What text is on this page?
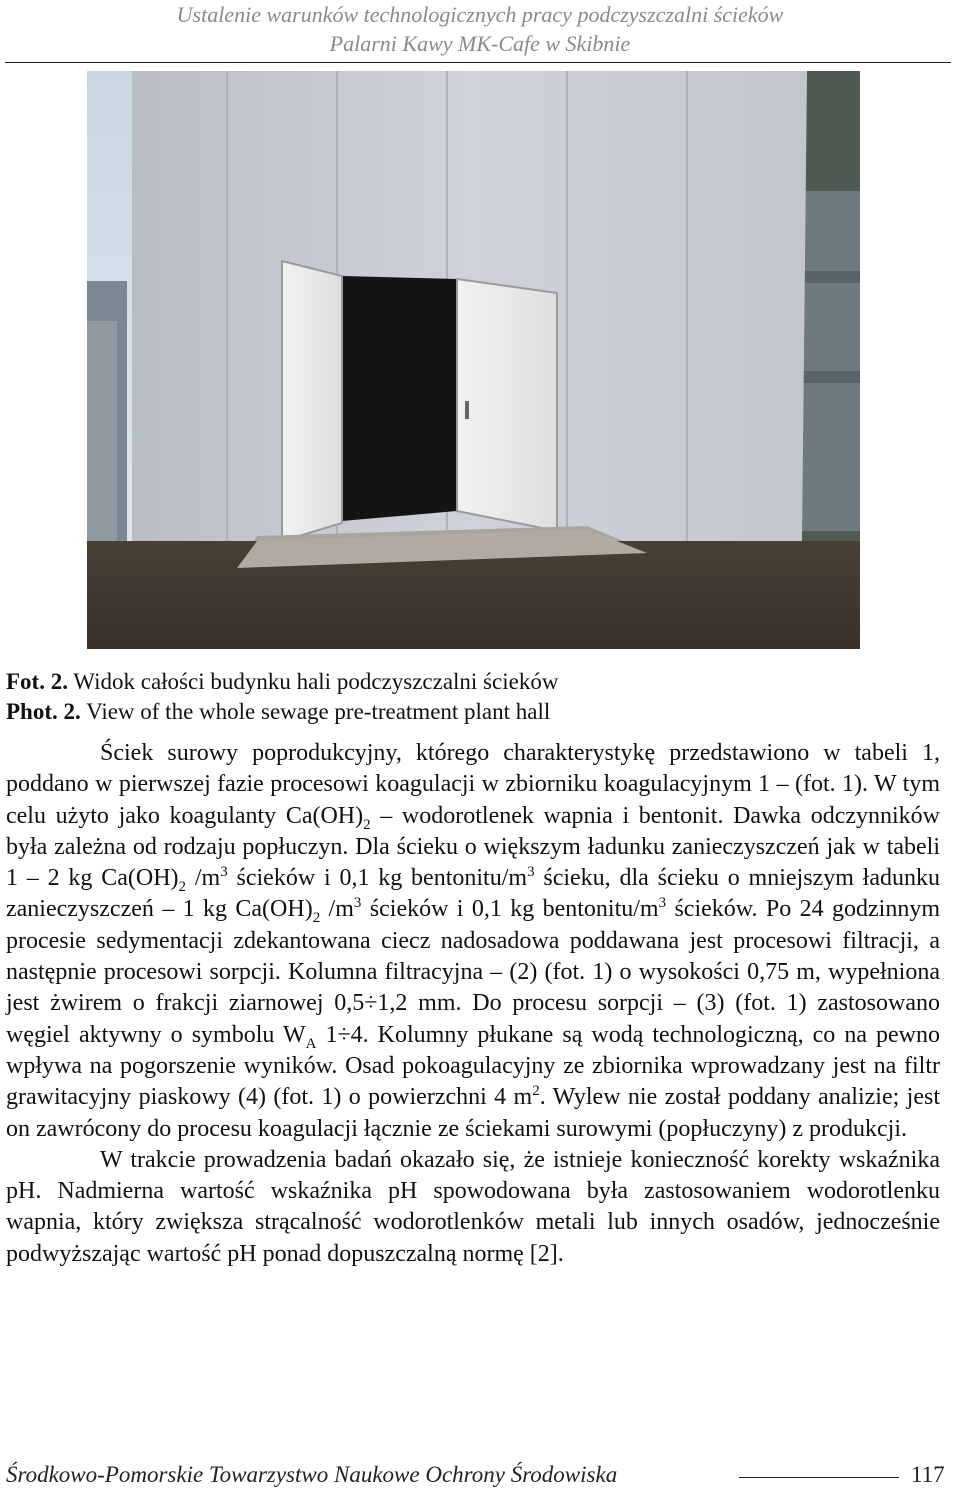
Ustalenie warunków technologicznych pracy podczyszczalni ścieków
Palarni Kawy MK-Cafe w Skibnie
Fot. 2. Widok całości budynku hali podczyszczalni ścieków
Phot. 2. View of the whole sewage pre-treatment plant hall

Ściek surowy poprodukcyjny, którego charakterystykę przedstawiono w tabeli 1, poddano w pierwszej fazie procesowi koagulacji w zbiorniku koagulacyjnym 1 – (fot. 1). W tym celu użyto jako koagulanty $Ca(OH)_2$ – wodorotlenek wapnia i bentonit. Dawka odczynników była zależna od rodzaju popłuczyn. Dla ścieku o większym ładunku zanieczyszczeń jak w tabeli 1 – 2 kg $Ca(OH)_2$ $/m^3$ ścieków i 0,1 kg bentonitu/$m^3$ ścieku, dla ścieku o mniejszym ładunku zanieczyszczeń – 1 kg $Ca(OH)_2$ $/m^3$ ścieków i 0,1 kg bentonitu/$m^3$ ścieków. Po 24 godzinnym procesie sedymentacji zdekantowana ciecz nadosadowa poddawana jest procesowi filtracji, a następnie procesowi sorpcji. Kolumna filtracyjna – (2) (fot. 1) o wysokości 0,75 m, wypełniona jest żwirem o frakcji ziarnowej 0,5÷1,2 mm. Do procesu sorpcji – (3) (fot. 1) zastosowano węgiel aktywny o symbolu $W_A$ 1÷4. Kolumny płukane są wodą technologiczną, co na pewno wpływa na pogorszenie wyników. Osad pokoagulacyjny ze zbiornika wprowadzany jest na filtr grawitacyjny piaskowy (4) (fot. 1) o powierzchni 4 $m^2$. Wylew nie został poddany analizie; jest on zawrócony do procesu koagulacji łącznie ze ściekami surowymi (popłuczyny) z produkcji.

W trakcie prowadzenia badań okazało się, że istnieje konieczność korekty wskaźnika pH. Nadmierna wartość wskaźnika pH spowodowana była zastosowaniem wodorotlenku wapnia, który zwiększa strącalność wodorotlenków metali lub innych osadów, jednocześnie podwyższając wartość pH ponad dopuszczalną normę [2].

Środkowo-Pomorskie Towarzystwo Naukowe Ochrony Środowiska	117
